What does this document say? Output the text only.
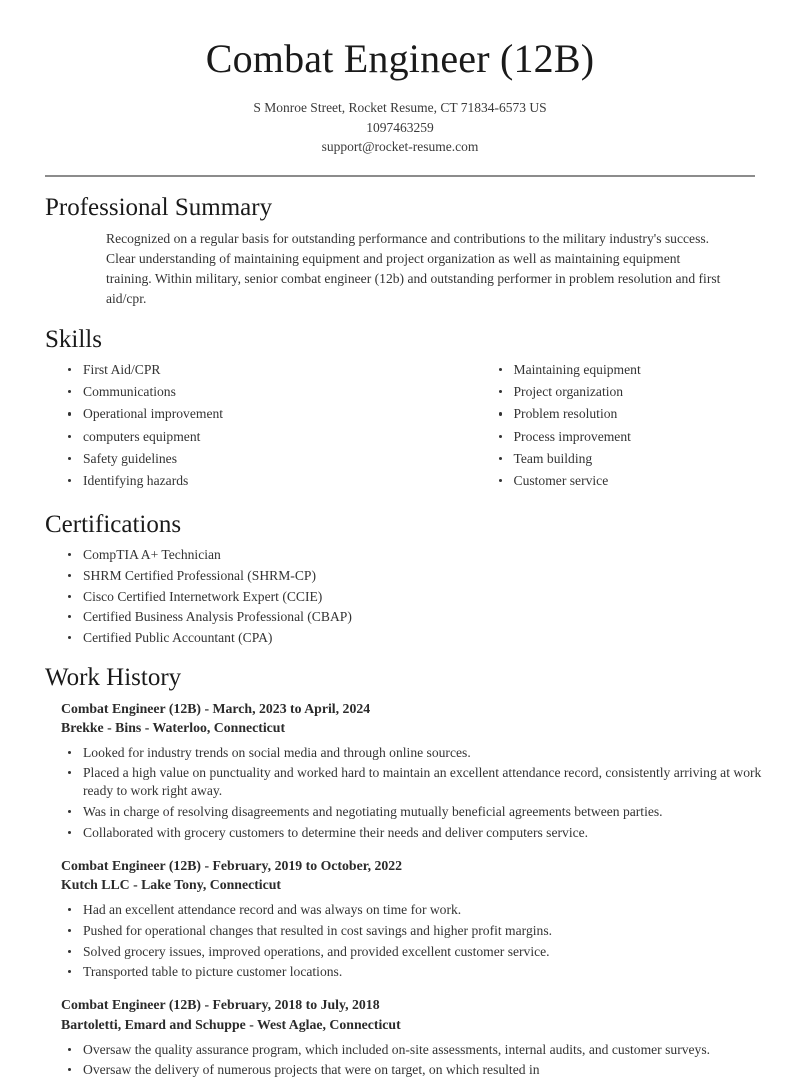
Combat Engineer (12B)

S Monroe Street, Rocket Resume, CT 71834-6573 US

1097463259

support@rocket-resume.com

Professional Summary

Recognized on a regular basis for outstanding performance and contributions to the military industry's success. Clear understanding of maintaining equipment and project organization as well as maintaining equipment training. Within military, senior combat engineer (12b) and outstanding performer in problem resolution and first aid/cpr.

Skills
First Aid/CPR
Communications
Operational improvement
computers equipment
Safety guidelines
Identifying hazards
Maintaining equipment
Project organization
Problem resolution
Process improvement
Team building
Customer service
Certifications
CompTIA A+ Technician
SHRM Certified Professional (SHRM-CP)
Cisco Certified Internetwork Expert (CCIE)
Certified Business Analysis Professional (CBAP)
Certified Public Accountant (CPA)
Work History

Combat Engineer (12B) - March, 2023 to April, 2024

Brekke - Bins - Waterloo, Connecticut

Looked for industry trends on social media and through online sources.
Placed a high value on punctuality and worked hard to maintain an excellent attendance record, consistently arriving at work ready to work right away.
Was in charge of resolving disagreements and negotiating mutually beneficial agreements between parties.
Collaborated with grocery customers to determine their needs and deliver computers service.

Combat Engineer (12B) - February, 2019 to October, 2022

Kutch LLC - Lake Tony, Connecticut

Had an excellent attendance record and was always on time for work.
Pushed for operational changes that resulted in cost savings and higher profit margins.
Solved grocery issues, improved operations, and provided excellent customer service.
Transported table to picture customer locations.

Combat Engineer (12B) - February, 2018 to July, 2018

Bartoletti, Emard and Schuppe - West Aglae, Connecticut

Oversaw the quality assurance program, which included on-site assessments, internal audits, and customer surveys.
Oversaw the delivery of numerous projects that were on target, on which resulted in
